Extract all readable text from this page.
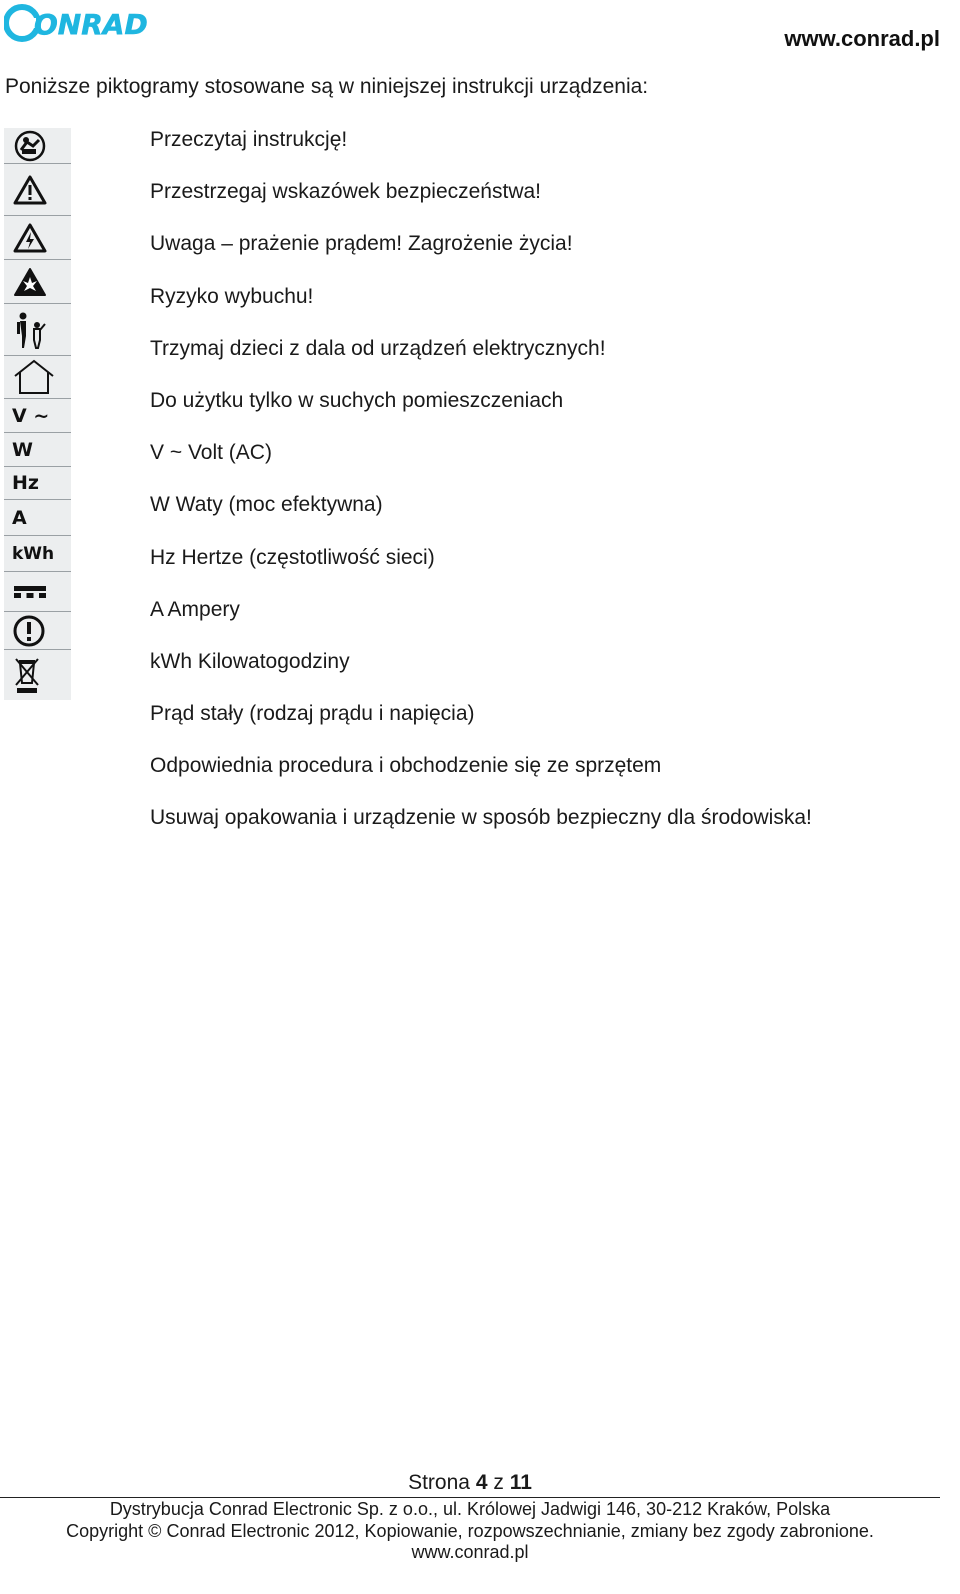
ONRAD	www.conrad.pl
Poniższe piktogramy stosowane są w niniejszej instrukcji urządzenia:
V ~
W
Hz
A
kWh
Przeczytaj instrukcję!
Przestrzegaj wskazówek bezpieczeństwa!
Uwaga – prażenie prądem! Zagrożenie życia!
Ryzyko wybuchu!
Trzymaj dzieci z dala od urządzeń elektrycznych!
Do użytku tylko w suchych pomieszczeniach
V ~ Volt (AC)
W Waty (moc efektywna)
Hz Hertze (częstotliwość sieci)
A Ampery
kWh Kilowatogodziny
Prąd stały (rodzaj prądu i napięcia)
Odpowiednia procedura i obchodzenie się ze sprzętem
Usuwaj opakowania i urządzenie w sposób bezpieczny dla środowiska!
Strona 4 z 11
Dystrybucja Conrad Electronic Sp. z o.o., ul. Królowej Jadwigi 146, 30-212 Kraków, Polska
Copyright © Conrad Electronic 2012, Kopiowanie, rozpowszechnianie, zmiany bez zgody zabronione.
www.conrad.pl
